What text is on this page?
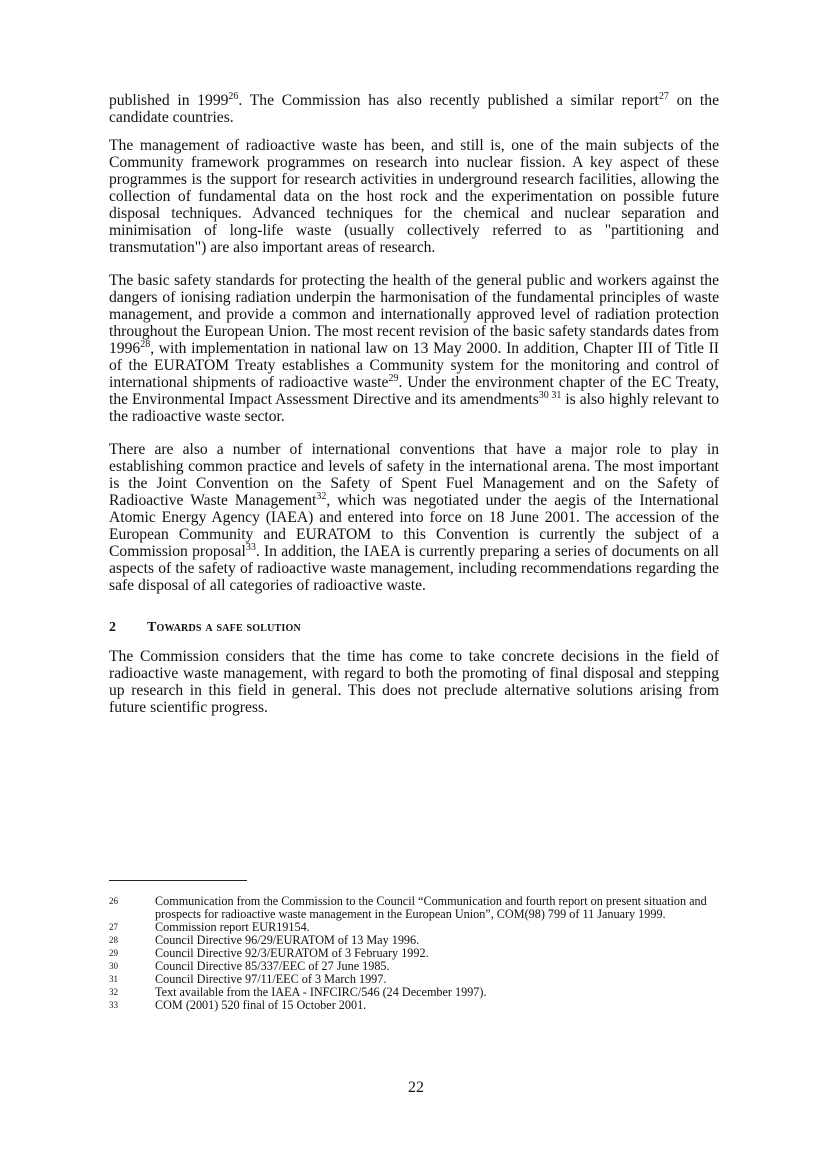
published in 1999$^{26}$. The Commission has also recently published a similar report$^{27}$ on the candidate countries.

The management of radioactive waste has been, and still is, one of the main subjects of the Community framework programmes on research into nuclear fission. A key aspect of these programmes is the support for research activities in underground research facilities, allowing the collection of fundamental data on the host rock and the experimentation on possible future disposal techniques. Advanced techniques for the chemical and nuclear separation and minimisation of long-life waste (usually collectively referred to as "partitioning and transmutation") are also important areas of research.

The basic safety standards for protecting the health of the general public and workers against the dangers of ionising radiation underpin the harmonisation of the fundamental principles of waste management, and provide a common and internationally approved level of radiation protection throughout the European Union. The most recent revision of the basic safety standards dates from 1996$^{28}$, with implementation in national law on 13 May 2000. In addition, Chapter III of Title II of the EURATOM Treaty establishes a Community system for the monitoring and control of international shipments of radioactive waste$^{29}$. Under the environment chapter of the EC Treaty, the Environmental Impact Assessment Directive and its amendments$^{30 31}$ is also highly relevant to the radioactive waste sector.

There are also a number of international conventions that have a major role to play in establishing common practice and levels of safety in the international arena. The most important is the Joint Convention on the Safety of Spent Fuel Management and on the Safety of Radioactive Waste Management$^{32}$, which was negotiated under the aegis of the International Atomic Energy Agency (IAEA) and entered into force on 18 June 2001. The accession of the European Community and EURATOM to this Convention is currently the subject of a Commission proposal$^{33}$. In addition, the IAEA is currently preparing a series of documents on all aspects of the safety of radioactive waste management, including recommendations regarding the safe disposal of all categories of radioactive waste.

2	Towards a safe solution

The Commission considers that the time has come to take concrete decisions in the field of radioactive waste management, with regard to both the promoting of final disposal and stepping up research in this field in general. This does not preclude alternative solutions arising from future scientific progress.

26	Communication from the Commission to the Council “Communication and fourth report on present situation and prospects for radioactive waste management in the European Union”, COM(98) 799 of 11 January 1999.
27	Commission report EUR19154.
28	Council Directive 96/29/EURATOM of 13 May 1996.
29	Council Directive 92/3/EURATOM of 3 February 1992.
30	Council Directive 85/337/EEC of 27 June 1985.
31	Council Directive 97/11/EEC of 3 March 1997.
32	Text available from the IAEA - INFCIRC/546 (24 December 1997).
33	COM (2001) 520 final of 15 October 2001.
22
